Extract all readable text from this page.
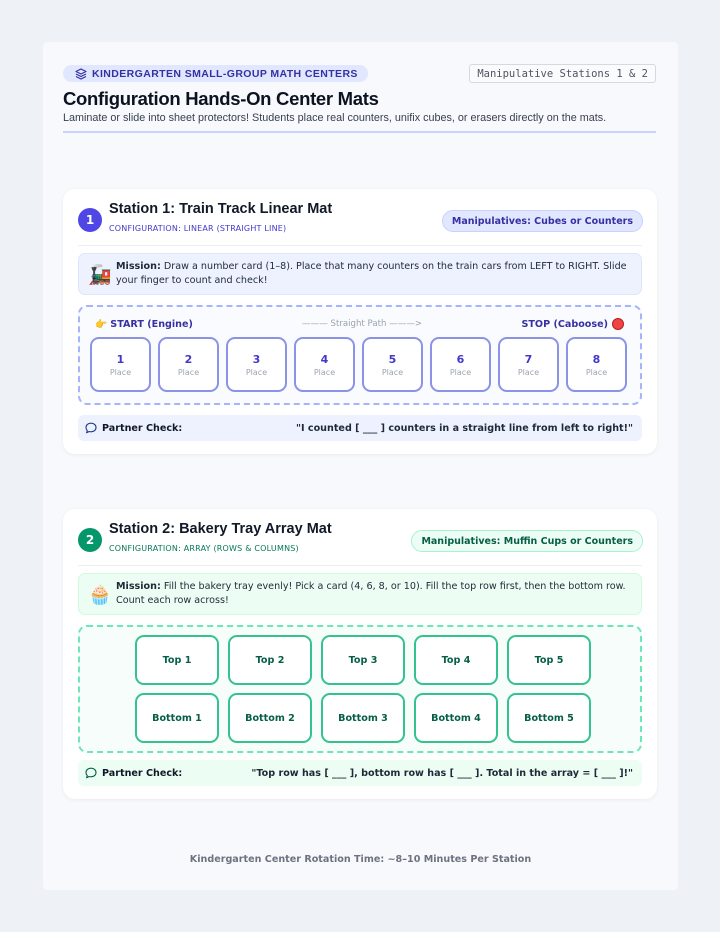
KINDERGARTEN SMALL-GROUP MATH CENTERS	Manipulative Stations 1 & 2
Configuration Hands-On Center Mats
Laminate or slide into sheet protectors! Students place real counters, unifix cubes, or erasers directly on the mats.
1
Station 1: Train Track Linear Mat
CONFIGURATION: LINEAR (STRAIGHT LINE)
Manipulatives: Cubes or Counters
🚂 Mission: Draw a number card (1–8). Place that many counters on the train cars from LEFT to RIGHT. Slide your finger to count and check!
👉 START (Engine)	——— Straight Path ———>	STOP (Caboose)
1
Place
2
Place
3
Place
4
Place
5
Place
6
Place
7
Place
8
Place
Partner Check:	"I counted [ ___ ] counters in a straight line from left to right!"
2
Station 2: Bakery Tray Array Mat
CONFIGURATION: ARRAY (ROWS & COLUMNS)
Manipulatives: Muffin Cups or Counters
🧁 Mission: Fill the bakery tray evenly! Pick a card (4, 6, 8, or 10). Fill the top row first, then the bottom row. Count each row across!
Top 1	Top 2	Top 3	Top 4	Top 5
Bottom 1	Bottom 2	Bottom 3	Bottom 4	Bottom 5
Partner Check:	"Top row has [ ___ ], bottom row has [ ___ ]. Total in the array = [ ___ ]!"
Kindergarten Center Rotation Time: ~8–10 Minutes Per Station
